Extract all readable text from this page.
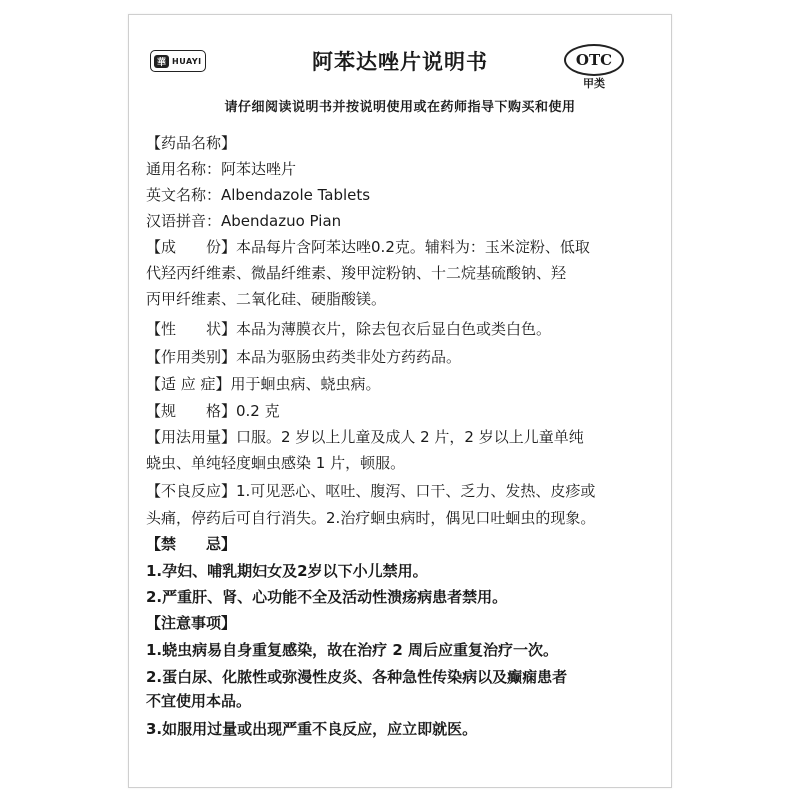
華 HUAYI	阿苯达唑片说明书	OTC
甲类
请仔细阅读说明书并按说明使用或在药师指导下购买和使用
【药品名称】
通用名称：阿苯达唑片
英文名称：Albendazole Tablets
汉语拼音：Abendazuo Pian
【成　　份】本品每片含阿苯达唑0.2克。辅料为：玉米淀粉、低取
代羟丙纤维素、微晶纤维素、羧甲淀粉钠、十二烷基硫酸钠、羟
丙甲纤维素、二氧化硅、硬脂酸镁。
【性　　状】本品为薄膜衣片，除去包衣后显白色或类白色。
【作用类别】本品为驱肠虫药类非处方药药品。
【适 应 症】用于蛔虫病、蛲虫病。
【规　　格】0.2 克
【用法用量】口服。2 岁以上儿童及成人 2 片，2 岁以上儿童单纯
蛲虫、单纯轻度蛔虫感染 1 片，顿服。
【不良反应】1.可见恶心、呕吐、腹泻、口干、乏力、发热、皮疹或
头痛，停药后可自行消失。2.治疗蛔虫病时，偶见口吐蛔虫的现象。
【禁　　忌】
1.孕妇、哺乳期妇女及2岁以下小儿禁用。
2.严重肝、肾、心功能不全及活动性溃疡病患者禁用。
【注意事项】
1.蛲虫病易自身重复感染，故在治疗 2 周后应重复治疗一次。
2.蛋白尿、化脓性或弥漫性皮炎、各种急性传染病以及癫痫患者
不宜使用本品。
3.如服用过量或出现严重不良反应，应立即就医。
